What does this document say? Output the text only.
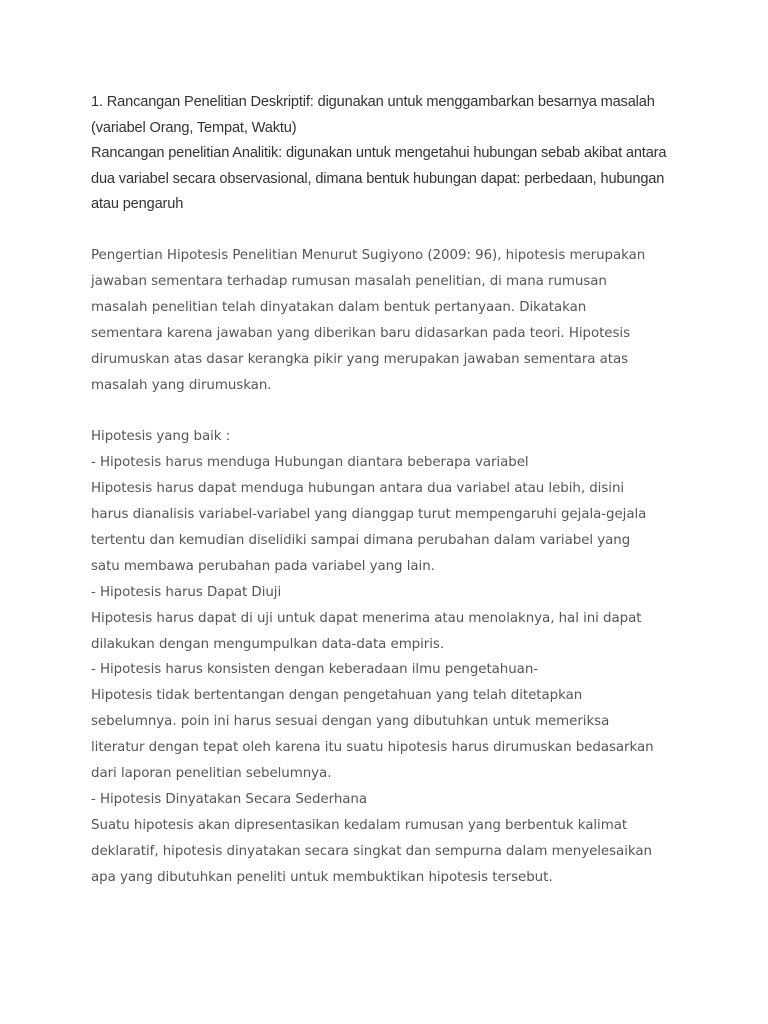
1. Rancangan Penelitian Deskriptif: digunakan untuk menggambarkan besarnya masalah

(variabel Orang, Tempat, Waktu)

Rancangan penelitian Analitik: digunakan untuk mengetahui hubungan sebab akibat antara

dua variabel secara observasional, dimana bentuk hubungan dapat: perbedaan, hubungan

atau pengaruh

Pengertian Hipotesis Penelitian Menurut Sugiyono (2009: 96), hipotesis merupakan

jawaban sementara terhadap rumusan masalah penelitian, di mana rumusan

masalah penelitian telah dinyatakan dalam bentuk pertanyaan. Dikatakan

sementara karena jawaban yang diberikan baru didasarkan pada teori. Hipotesis

dirumuskan atas dasar kerangka pikir yang merupakan jawaban sementara atas

masalah yang dirumuskan.

Hipotesis yang baik :

- Hipotesis harus menduga Hubungan diantara beberapa variabel

Hipotesis harus dapat menduga hubungan antara dua variabel atau lebih, disini

harus dianalisis variabel-variabel yang dianggap turut mempengaruhi gejala-gejala

tertentu dan kemudian diselidiki sampai dimana perubahan dalam variabel yang

satu membawa perubahan pada variabel yang lain.

- Hipotesis harus Dapat Diuji

Hipotesis harus dapat di uji untuk dapat menerima atau menolaknya, hal ini dapat

dilakukan dengan mengumpulkan data-data empiris.

- Hipotesis harus konsisten dengan keberadaan ilmu pengetahuan-

Hipotesis tidak bertentangan dengan pengetahuan yang telah ditetapkan

sebelumnya. poin ini harus sesuai dengan yang dibutuhkan untuk memeriksa

literatur dengan tepat oleh karena itu suatu hipotesis harus dirumuskan bedasarkan

dari laporan penelitian sebelumnya.

- Hipotesis Dinyatakan Secara Sederhana

Suatu hipotesis akan dipresentasikan kedalam rumusan yang berbentuk kalimat

deklaratif, hipotesis dinyatakan secara singkat dan sempurna dalam menyelesaikan

apa yang dibutuhkan peneliti untuk membuktikan hipotesis tersebut.
